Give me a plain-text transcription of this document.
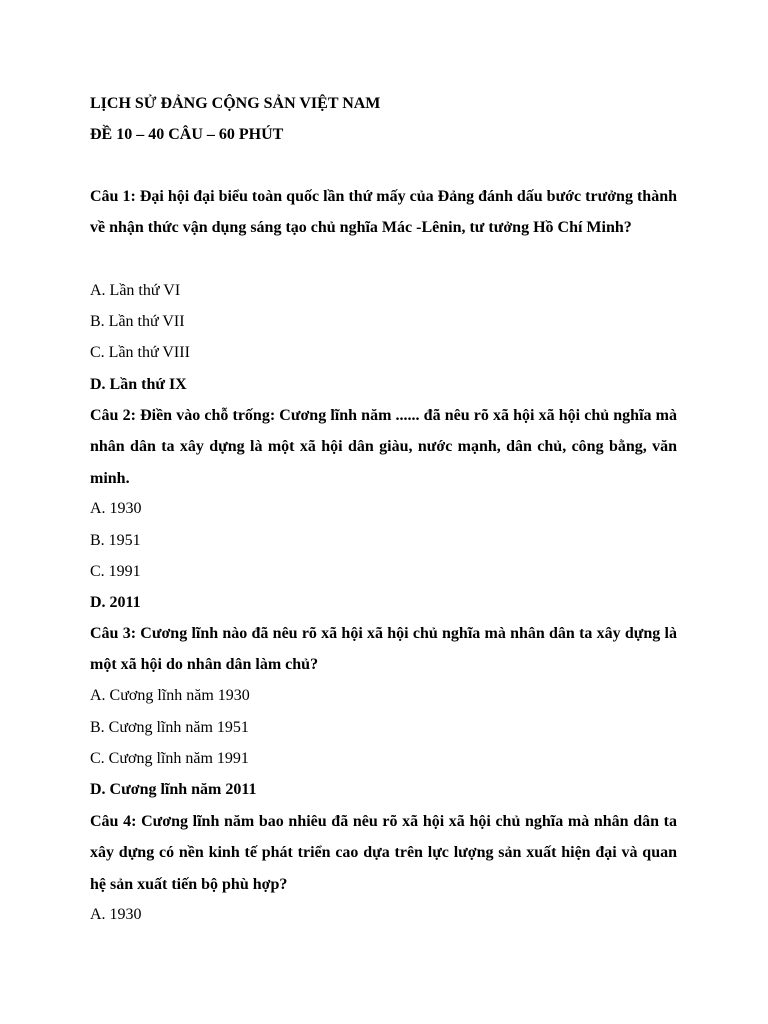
LỊCH SỬ ĐẢNG CỘNG SẢN VIỆT NAM
ĐỀ 10 – 40 CÂU – 60 PHÚT
Câu 1: Đại hội đại biểu toàn quốc lần thứ mấy của Đảng đánh dấu bước trưởng thành về nhận thức vận dụng sáng tạo chủ nghĩa Mác -Lênin, tư tưởng Hồ Chí Minh?
A. Lần thứ VI
B. Lần thứ VII
C. Lần thứ VIII
D. Lần thứ IX
Câu 2: Điền vào chỗ trống: Cương lĩnh năm ...... đã nêu rõ xã hội xã hội chủ nghĩa mà nhân dân ta xây dựng là một xã hội dân giàu, nước mạnh, dân chủ, công bằng, văn minh.
A. 1930
B. 1951
C. 1991
D. 2011
Câu 3: Cương lĩnh nào đã nêu rõ xã hội xã hội chủ nghĩa mà nhân dân ta xây dựng là một xã hội do nhân dân làm chủ?
A. Cương lĩnh năm 1930
B. Cương lĩnh năm 1951
C. Cương lĩnh năm 1991
D. Cương lĩnh năm 2011
Câu 4: Cương lĩnh năm bao nhiêu đã nêu rõ xã hội xã hội chủ nghĩa mà nhân dân ta xây dựng có nền kinh tế phát triển cao dựa trên lực lượng sản xuất hiện đại và quan hệ sản xuất tiến bộ phù hợp?
A. 1930
